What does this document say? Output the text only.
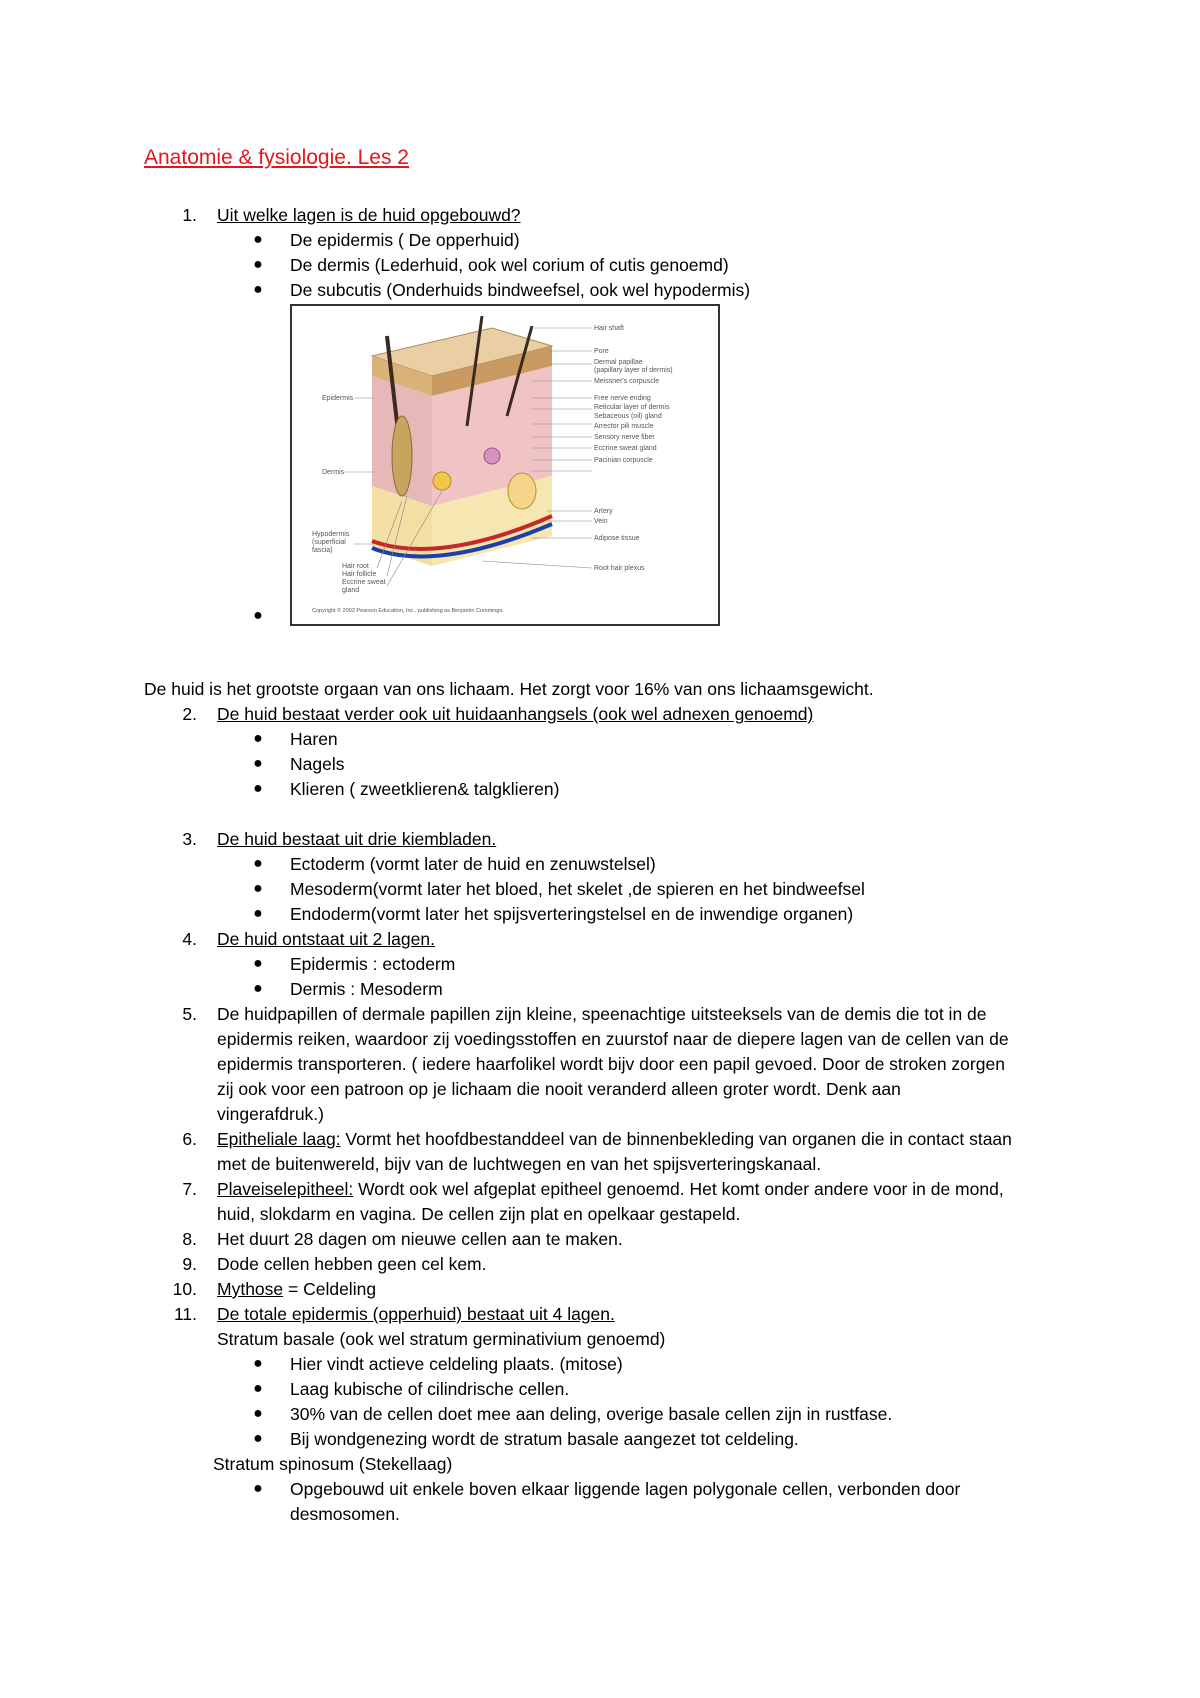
Anatomie & fysiologie. Les 2
1. Uit welke lagen is de huid opgebouwd?
● De epidermis ( De opperhuid)
● De dermis (Lederhuid, ook wel corium of cutis genoemd)
● De subcutis (Onderhuids bindweefsel, ook wel hypodermis)
Hair shaft
Pore
Dermal papillae
(papillary layer of dermis)
Meissner's corpuscle
Free nerve ending
Reticular layer of dermis
Sebaceous (oil) gland
Arrector pili muscle
Sensory nerve fiber
Eccrine sweat gland
Pacinian corpuscle
Artery
Vein
Adipose tissue
Root hair plexus
Epidermis
Dermis
Hypodermis
(superficial
fascia)
Hair root
Hair follicle
Eccrine sweat
gland
Copyright © 2002 Pearson Education, Inc., publishing as Benjamin Cummings.
●
De huid is het grootste orgaan van ons lichaam. Het zorgt voor 16% van ons lichaamsgewicht.
2. De huid bestaat verder ook uit huidaanhangsels (ook wel adnexen genoemd)
● Haren
● Nagels
● Klieren ( zweetklieren& talgklieren)
3. De huid bestaat uit drie kiembladen.
● Ectoderm (vormt later de huid en zenuwstelsel)
● Mesoderm(vormt later het bloed, het skelet ,de spieren en het bindweefsel
● Endoderm(vormt later het spijsverteringstelsel en de inwendige organen)
4. De huid ontstaat uit 2 lagen.
● Epidermis : ectoderm
● Dermis : Mesoderm
5. De huidpapillen of dermale papillen zijn kleine, speenachtige uitsteeksels van de demis die tot in de
epidermis reiken, waardoor zij voedingsstoffen en zuurstof naar de diepere lagen van de cellen van de
epidermis transporteren. ( iedere haarfolikel wordt bijv door een papil gevoed. Door de stroken zorgen
zij ook voor een patroon op je lichaam die nooit veranderd alleen groter wordt. Denk aan
vingerafdruk.)
6. Epitheliale laag: Vormt het hoofdbestanddeel van de binnenbekleding van organen die in contact staan
met de buitenwereld, bijv van de luchtwegen en van het spijsverteringskanaal.
7. Plaveiselepitheel: Wordt ook wel afgeplat epitheel genoemd. Het komt onder andere voor in de mond,
huid, slokdarm en vagina. De cellen zijn plat en opelkaar gestapeld.
8. Het duurt 28 dagen om nieuwe cellen aan te maken.
9. Dode cellen hebben geen cel kem.
10. Mythose = Celdeling
11. De totale epidermis (opperhuid) bestaat uit 4 lagen.
Stratum basale (ook wel stratum germinativium genoemd)
● Hier vindt actieve celdeling plaats. (mitose)
● Laag kubische of cilindrische cellen.
● 30% van de cellen doet mee aan deling, overige basale cellen zijn in rustfase.
● Bij wondgenezing wordt de stratum basale aangezet tot celdeling.
Stratum spinosum (Stekellaag)
● Opgebouwd uit enkele boven elkaar liggende lagen polygonale cellen, verbonden door
desmosomen.
